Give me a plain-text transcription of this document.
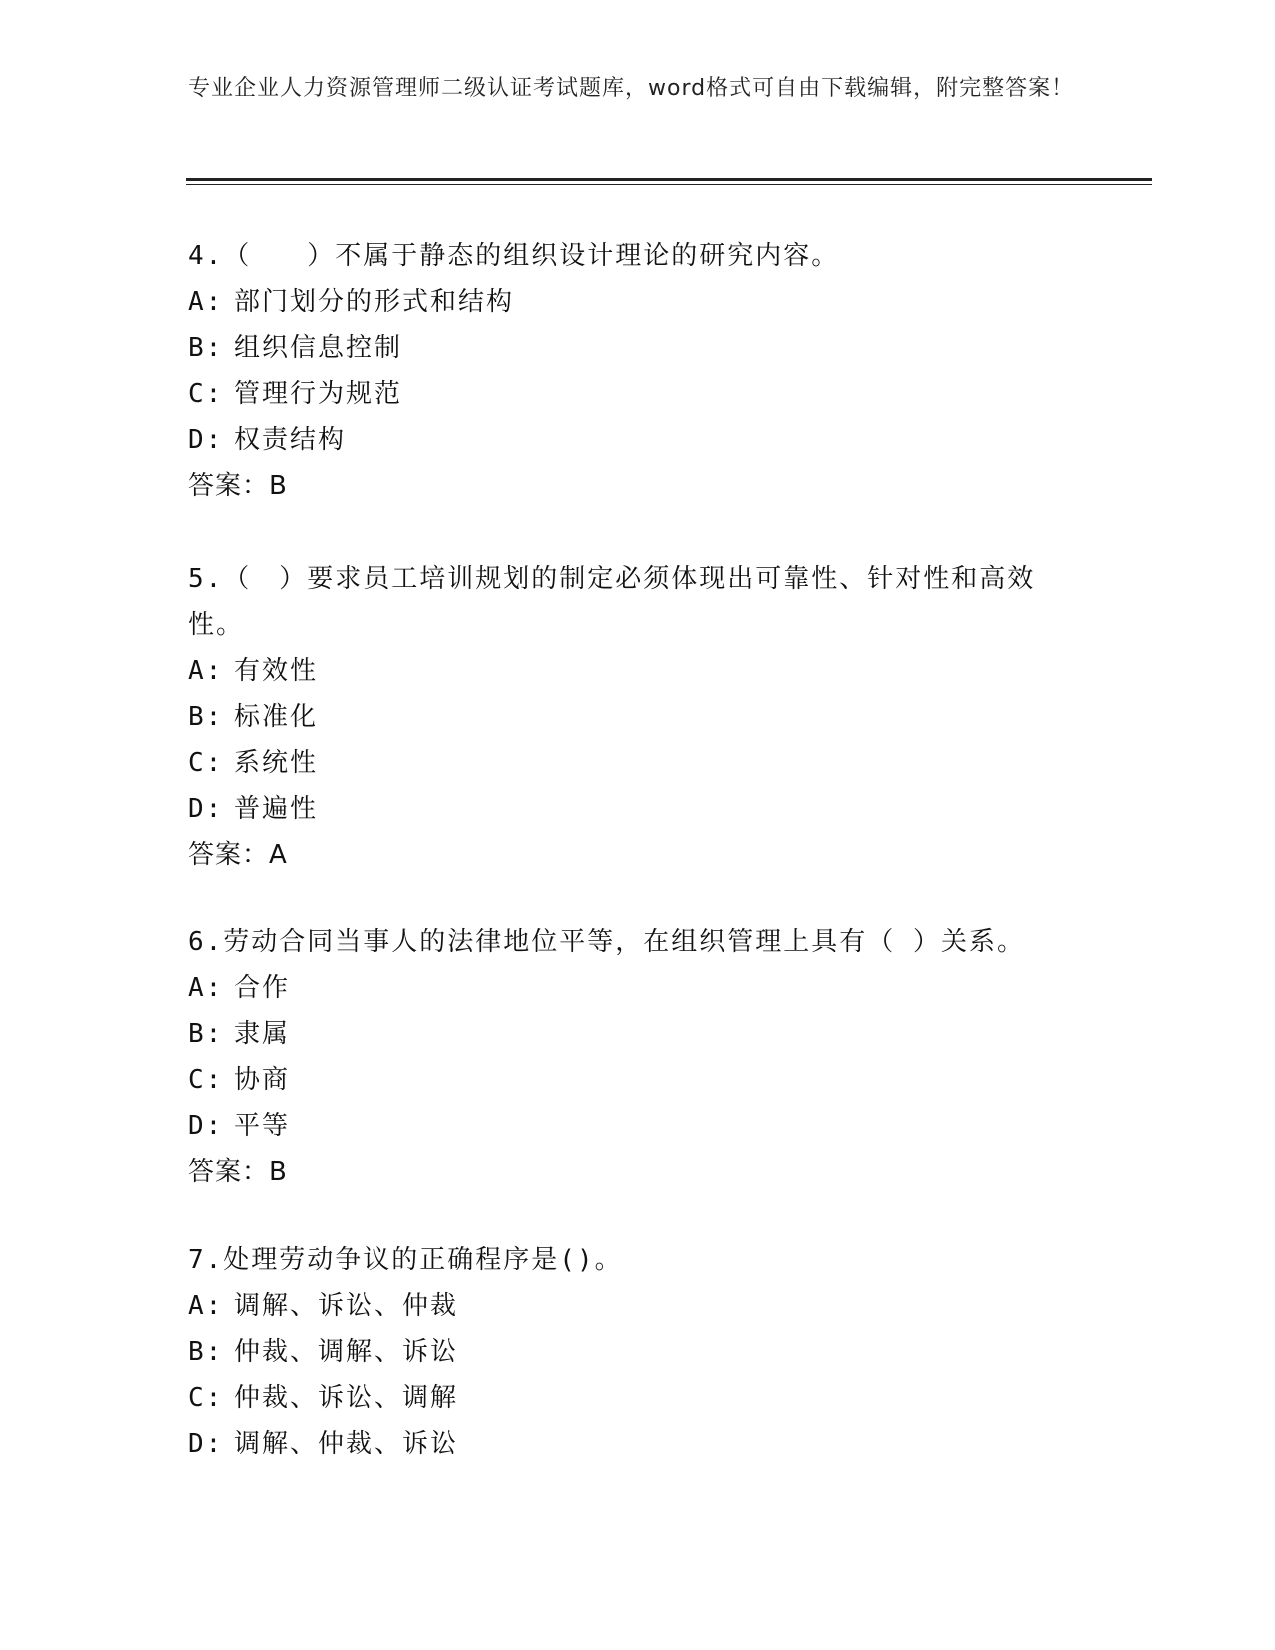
专业企业人力资源管理师二级认证考试题库，word格式可自由下载编辑，附完整答案！
4.（　　）不属于静态的组织设计理论的研究内容。
A: 部门划分的形式和结构
B: 组织信息控制
C: 管理行为规范
D: 权责结构
答案：B
5.（　）要求员工培训规划的制定必须体现出可靠性、针对性和高效性。
A: 有效性
B: 标准化
C: 系统性
D: 普遍性
答案：A
6.劳动合同当事人的法律地位平等，在组织管理上具有（ ）关系。
A: 合作
B: 隶属
C: 协商
D: 平等
答案：B
7.处理劳动争议的正确程序是()。
A: 调解、诉讼、仲裁
B: 仲裁、调解、诉讼
C: 仲裁、诉讼、调解
D: 调解、仲裁、诉讼
